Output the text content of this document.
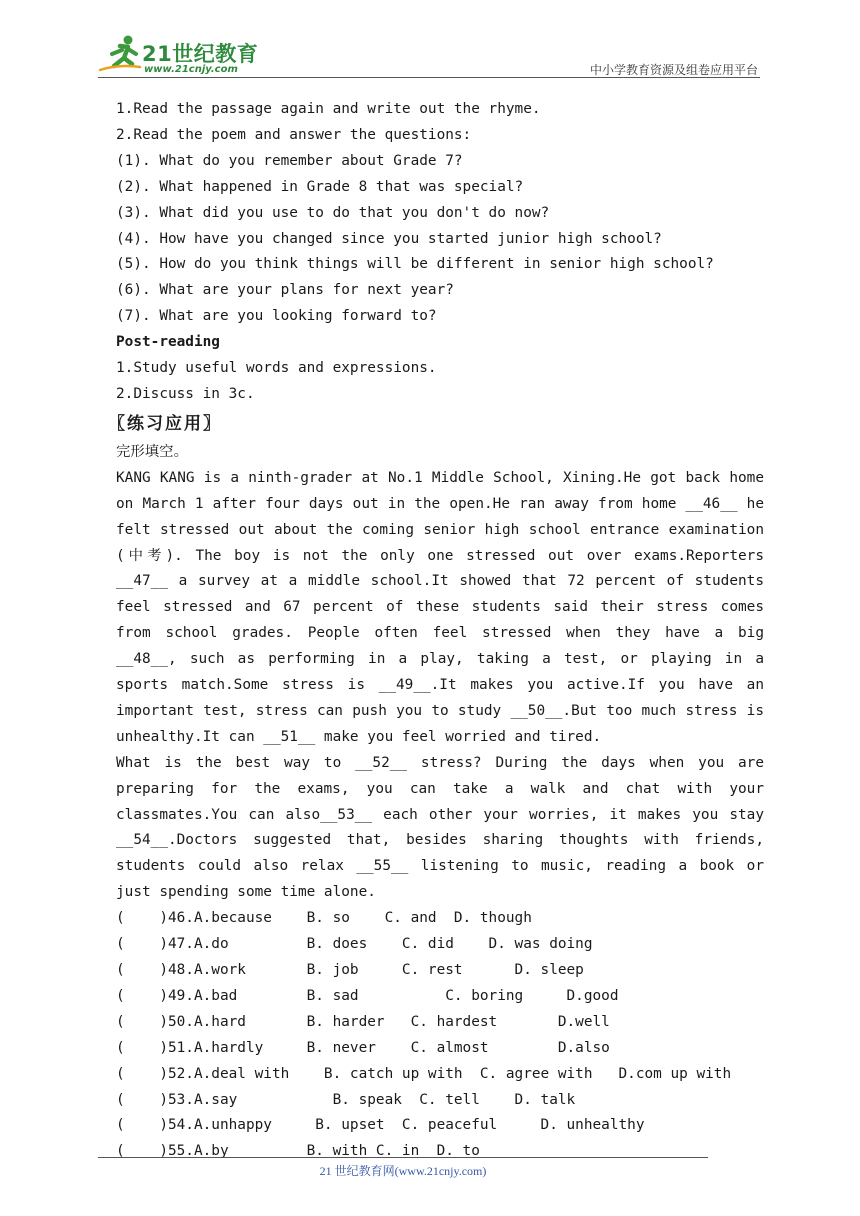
21世纪教育
www.21cnjy.com	中小学教育资源及组卷应用平台
1.Read the passage again and write out the rhyme.
2.Read the poem and answer the questions:
(1). What do you remember about Grade 7?
(2). What happened in Grade 8 that was special?
(3). What did you use to do that you don't do now?
(4). How have you changed since you started junior high school?
(5). How do you think things will be different in senior high school?
(6). What are your plans for next year?
(7). What are you looking forward to?
Post-reading
1.Study useful words and expressions.
2.Discuss in 3c.
〖练习应用〗
完形填空。
KANG KANG is a ninth-grader at No.1 Middle School, Xining.He got back home on March 1 after four days out in the open.He ran away from home __46__ he felt stressed out about the coming senior high school entrance examination (中考). The boy is not the only one stressed out over exams.Reporters __47__ a survey at a middle school.It showed that 72 percent of students feel stressed and 67 percent of these students said their stress comes from school grades. People often feel stressed when they have a big __48__, such as performing in a play, taking a test, or playing in a sports match.Some stress is __49__.It makes you active.If you have an important test, stress can push you to study __50__.But too much stress is unhealthy.It can __51__ make you feel worried and tired.
What is the best way to __52__ stress? During the days when you are preparing for the exams, you can take a walk and chat with your classmates.You can also__53__ each other your worries, it makes you stay __54__.Doctors suggested that, besides sharing thoughts with friends, students could also relax __55__ listening to music, reading a book or just spending some time alone.
(    )46.A.because    B. so    C. and  D. though
(    )47.A.do         B. does    C. did    D. was doing
(    )48.A.work       B. job     C. rest      D. sleep
(    )49.A.bad        B. sad          C. boring     D.good
(    )50.A.hard       B. harder   C. hardest       D.well
(    )51.A.hardly     B. never    C. almost        D.also
(    )52.A.deal with    B. catch up with  C. agree with   D.com up with
(    )53.A.say           B. speak  C. tell    D. talk
(    )54.A.unhappy     B. upset  C. peaceful     D. unhealthy
(    )55.A.by         B. with C. in  D. to
21 世纪教育网(www.21cnjy.com)
